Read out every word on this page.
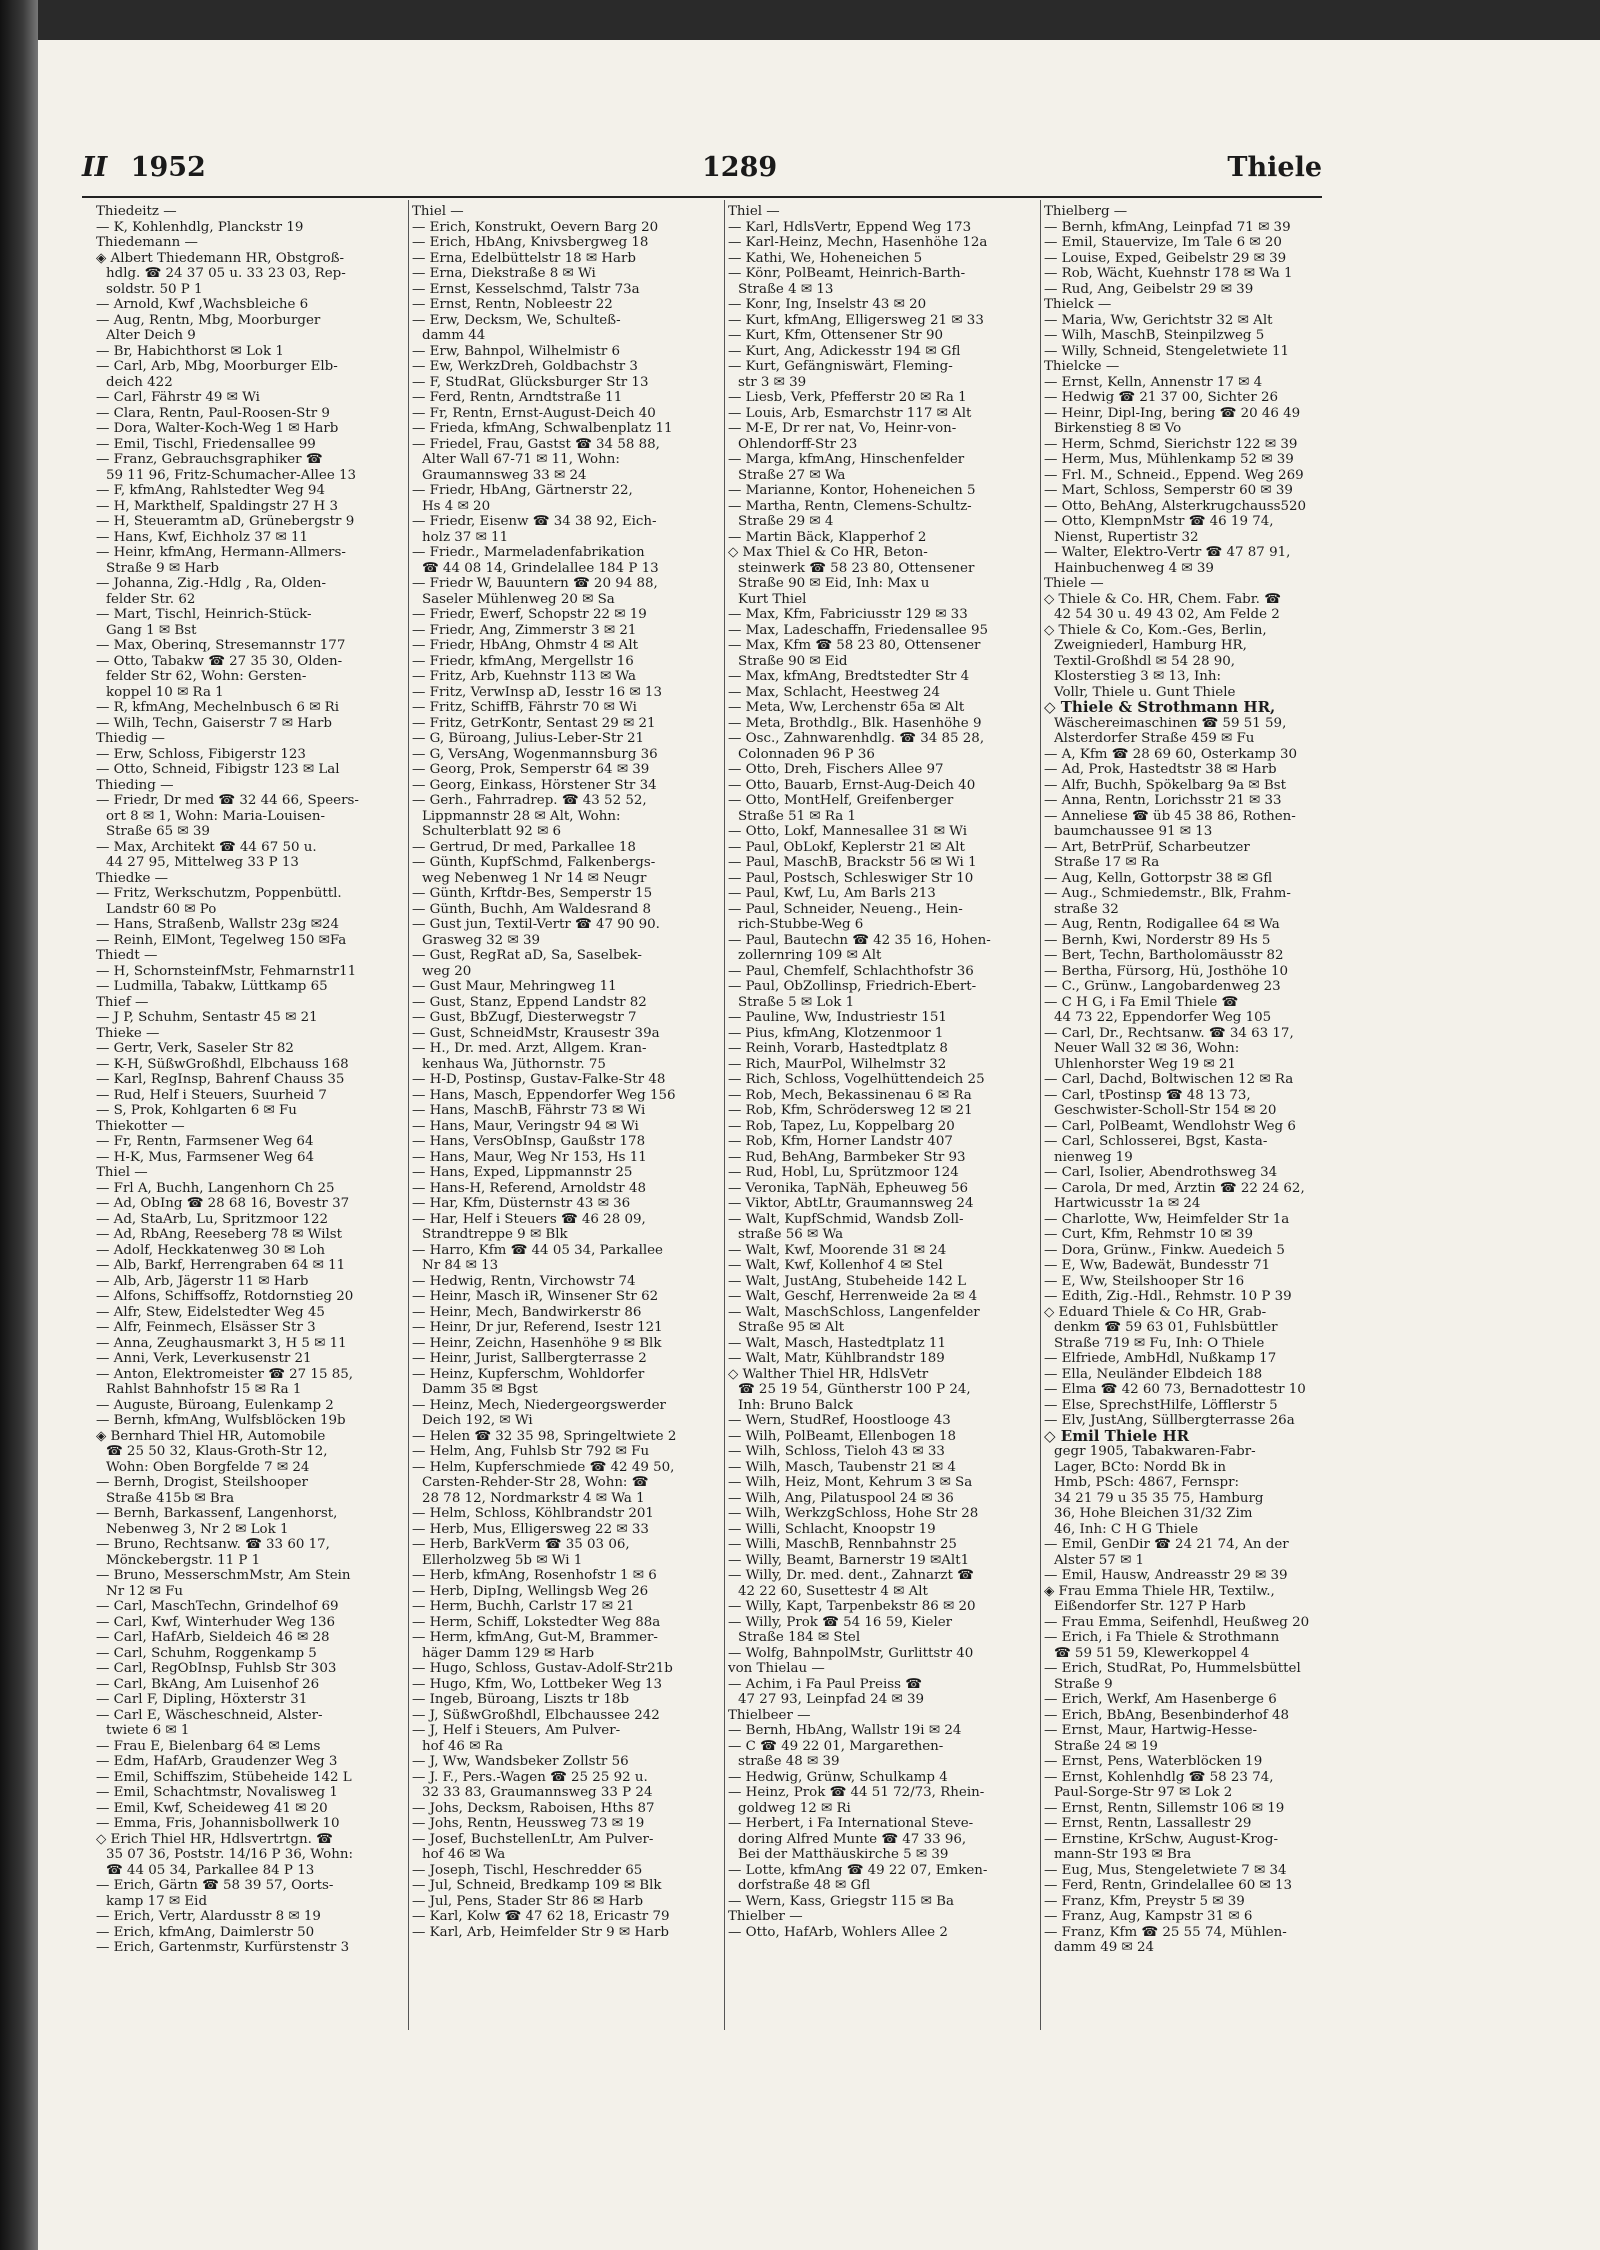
II 1952	1289	Thiele
Thiedeitz —
— K, Kohlenhdlg, Planckstr 19
Thiedemann —
◈ Albert Thiedemann HR, Obstgroß-
hdlg. ☎ 24 37 05 u. 33 23 03, Rep-
soldstr. 50 P 1
— Arnold, Kwf ,Wachsbleiche 6
— Aug, Rentn, Mbg, Moorburger
Alter Deich 9
— Br, Habichthorst ✉ Lok 1
— Carl, Arb, Mbg, Moorburger Elb-
deich 422
— Carl, Fährstr 49 ✉ Wi
— Clara, Rentn, Paul-Roosen-Str 9
— Dora, Walter-Koch-Weg 1 ✉ Harb
— Emil, Tischl, Friedensallee 99
— Franz, Gebrauchsgraphiker ☎
59 11 96, Fritz-Schumacher-Allee 13
— F, kfmAng, Rahlstedter Weg 94
— H, Markthelf, Spaldingstr 27 H 3
— H, Steueramtm aD, Grünebergstr 9
— Hans, Kwf, Eichholz 37 ✉ 11
— Heinr, kfmAng, Hermann-Allmers-
Straße 9 ✉ Harb
— Johanna, Zig.-Hdlg , Ra, Olden-
felder Str. 62
— Mart, Tischl, Heinrich-Stück-
Gang 1 ✉ Bst
— Max, Oberinq, Stresemannstr 177
— Otto, Tabakw ☎ 27 35 30, Olden-
felder Str 62, Wohn: Gersten-
koppel 10 ✉ Ra 1
— R, kfmAng, Mechelnbusch 6 ✉ Ri
— Wilh, Techn, Gaiserstr 7 ✉ Harb
Thiedig —
— Erw, Schloss, Fibigerstr 123
— Otto, Schneid, Fibigstr 123 ✉ Lal
Thieding —
— Friedr, Dr med ☎ 32 44 66, Speers-
ort 8 ✉ 1, Wohn: Maria-Louisen-
Straße 65 ✉ 39
— Max, Architekt ☎ 44 67 50 u.
44 27 95, Mittelweg 33 P 13
Thiedke —
— Fritz, Werkschutzm, Poppenbüttl.
Landstr 60 ✉ Po
— Hans, Straßenb, Wallstr 23g ✉24
— Reinh, ElMont, Tegelweg 150 ✉Fa
Thiedt —
— H, SchornsteinfMstr, Fehmarnstr11
— Ludmilla, Tabakw, Lüttkamp 65
Thief —
— J P, Schuhm, Sentastr 45 ✉ 21
Thieke —
— Gertr, Verk, Saseler Str 82
— K-H, SüßwGroßhdl, Elbchauss 168
— Karl, RegInsp, Bahrenf Chauss 35
— Rud, Helf i Steuers, Suurheid 7
— S, Prok, Kohlgarten 6 ✉ Fu
Thiekotter —
— Fr, Rentn, Farmsener Weg 64
— H-K, Mus, Farmsener Weg 64
Thiel —
— Frl A, Buchh, Langenhorn Ch 25
— Ad, ObIng ☎ 28 68 16, Bovestr 37
— Ad, StaArb, Lu, Spritzmoor 122
— Ad, RbAng, Reeseberg 78 ✉ Wilst
— Adolf, Heckkatenweg 30 ✉ Loh
— Alb, Barkf, Herrengraben 64 ✉ 11
— Alb, Arb, Jägerstr 11 ✉ Harb
— Alfons, Schiffsoffz, Rotdornstieg 20
— Alfr, Stew, Eidelstedter Weg 45
— Alfr, Feinmech, Elsässer Str 3
— Anna, Zeughausmarkt 3, H 5 ✉ 11
— Anni, Verk, Leverkusenstr 21
— Anton, Elektromeister ☎ 27 15 85,
Rahlst Bahnhofstr 15 ✉ Ra 1
— Auguste, Büroang, Eulenkamp 2
— Bernh, kfmAng, Wulfsblöcken 19b
◈ Bernhard Thiel HR, Automobile
☎ 25 50 32, Klaus-Groth-Str 12,
Wohn: Oben Borgfelde 7 ✉ 24
— Bernh, Drogist, Steilshooper
Straße 415b ✉ Bra
— Bernh, Barkassenf, Langenhorst,
Nebenweg 3, Nr 2 ✉ Lok 1
— Bruno, Rechtsanw. ☎ 33 60 17,
Mönckebergstr. 11 P 1
— Bruno, MesserschmMstr, Am Stein
Nr 12 ✉ Fu
— Carl, MaschTechn, Grindelhof 69
— Carl, Kwf, Winterhuder Weg 136
— Carl, HafArb, Sieldeich 46 ✉ 28
— Carl, Schuhm, Roggenkamp 5
— Carl, RegObInsp, Fuhlsb Str 303
— Carl, BkAng, Am Luisenhof 26
— Carl F, Dipling, Höxterstr 31
— Carl E, Wäscheschneid, Alster-
twiete 6 ✉ 1
— Frau E, Bielenbarg 64 ✉ Lems
— Edm, HafArb, Graudenzer Weg 3
— Emil, Schiffszim, Stübeheide 142 L
— Emil, Schachtmstr, Novalisweg 1
— Emil, Kwf, Scheideweg 41 ✉ 20
— Emma, Fris, Johannisbollwerk 10
◇ Erich Thiel HR, Hdlsvertrtgn. ☎
35 07 36, Poststr. 14/16 P 36, Wohn:
☎ 44 05 34, Parkallee 84 P 13
— Erich, Gärtn ☎ 58 39 57, Oorts-
kamp 17 ✉ Eid
— Erich, Vertr, Alardusstr 8 ✉ 19
— Erich, kfmAng, Daimlerstr 50
— Erich, Gartenmstr, Kurfürstenstr 3
Thiel —
— Erich, Konstrukt, Oevern Barg 20
— Erich, HbAng, Knivsbergweg 18
— Erna, Edelbüttelstr 18 ✉ Harb
— Erna, Diekstraße 8 ✉ Wi
— Ernst, Kesselschmd, Talstr 73a
— Ernst, Rentn, Nobleestr 22
— Erw, Decksm, We, Schulteß-
damm 44
— Erw, Bahnpol, Wilhelmistr 6
— Ew, WerkzDreh, Goldbachstr 3
— F, StudRat, Glücksburger Str 13
— Ferd, Rentn, Arndtstraße 11
— Fr, Rentn, Ernst-August-Deich 40
— Frieda, kfmAng, Schwalbenplatz 11
— Friedel, Frau, Gastst ☎ 34 58 88,
Alter Wall 67-71 ✉ 11, Wohn:
Graumannsweg 33 ✉ 24
— Friedr, HbAng, Gärtnerstr 22,
Hs 4 ✉ 20
— Friedr, Eisenw ☎ 34 38 92, Eich-
holz 37 ✉ 11
— Friedr., Marmeladenfabrikation
☎ 44 08 14, Grindelallee 184 P 13
— Friedr W, Bauuntern ☎ 20 94 88,
Saseler Mühlenweg 20 ✉ Sa
— Friedr, Ewerf, Schopstr 22 ✉ 19
— Friedr, Ang, Zimmerstr 3 ✉ 21
— Friedr, HbAng, Ohmstr 4 ✉ Alt
— Friedr, kfmAng, Mergellstr 16
— Fritz, Arb, Kuehnstr 113 ✉ Wa
— Fritz, VerwInsp aD, Iesstr 16 ✉ 13
— Fritz, SchiffB, Fährstr 70 ✉ Wi
— Fritz, GetrKontr, Sentast 29 ✉ 21
— G, Büroang, Julius-Leber-Str 21
— G, VersAng, Wogenmannsburg 36
— Georg, Prok, Semperstr 64 ✉ 39
— Georg, Einkass, Hörstener Str 34
— Gerh., Fahrradrep. ☎ 43 52 52,
Lippmannstr 28 ✉ Alt, Wohn:
Schulterblatt 92 ✉ 6
— Gertrud, Dr med, Parkallee 18
— Günth, KupfSchmd, Falkenbergs-
weg Nebenweg 1 Nr 14 ✉ Neugr
— Günth, Krftdr-Bes, Semperstr 15
— Günth, Buchh, Am Waldesrand 8
— Gust jun, Textil-Vertr ☎ 47 90 90.
Grasweg 32 ✉ 39
— Gust, RegRat aD, Sa, Saselbek-
weg 20
— Gust Maur, Mehringweg 11
— Gust, Stanz, Eppend Landstr 82
— Gust, BbZugf, Diesterwegstr 7
— Gust, SchneidMstr, Krausestr 39a
— H., Dr. med. Arzt, Allgem. Kran-
kenhaus Wa, Jüthornstr. 75
— H-D, Postinsp, Gustav-Falke-Str 48
— Hans, Masch, Eppendorfer Weg 156
— Hans, MaschB, Fährstr 73 ✉ Wi
— Hans, Maur, Veringstr 94 ✉ Wi
— Hans, VersObInsp, Gaußstr 178
— Hans, Maur, Weg Nr 153, Hs 11
— Hans, Exped, Lippmannstr 25
— Hans-H, Referend, Arnoldstr 48
— Har, Kfm, Düsternstr 43 ✉ 36
— Har, Helf i Steuers ☎ 46 28 09,
Strandtreppe 9 ✉ Blk
— Harro, Kfm ☎ 44 05 34, Parkallee
Nr 84 ✉ 13
— Hedwig, Rentn, Virchowstr 74
— Heinr, Masch iR, Winsener Str 62
— Heinr, Mech, Bandwirkerstr 86
— Heinr, Dr jur, Referend, Isestr 121
— Heinr, Zeichn, Hasenhöhe 9 ✉ Blk
— Heinr, Jurist, Sallbergterrasse 2
— Heinz, Kupferschm, Wohldorfer
Damm 35 ✉ Bgst
— Heinz, Mech, Niedergeorgswerder
Deich 192, ✉ Wi
— Helen ☎ 32 35 98, Springeltwiete 2
— Helm, Ang, Fuhlsb Str 792 ✉ Fu
— Helm, Kupferschmiede ☎ 42 49 50,
Carsten-Rehder-Str 28, Wohn: ☎
28 78 12, Nordmarkstr 4 ✉ Wa 1
— Helm, Schloss, Köhlbrandstr 201
— Herb, Mus, Elligersweg 22 ✉ 33
— Herb, BarkVerm ☎ 35 03 06,
Ellerholzweg 5b ✉ Wi 1
— Herb, kfmAng, Rosenhofstr 1 ✉ 6
— Herb, DipIng, Wellingsb Weg 26
— Herm, Buchh, Carlstr 17 ✉ 21
— Herm, Schiff, Lokstedter Weg 88a
— Herm, kfmAng, Gut-M, Brammer-
häger Damm 129 ✉ Harb
— Hugo, Schloss, Gustav-Adolf-Str21b
— Hugo, Kfm, Wo, Lottbeker Weg 13
— Ingeb, Büroang, Liszts tr 18b
— J, SüßwGroßhdl, Elbchaussee 242
— J, Helf i Steuers, Am Pulver-
hof 46 ✉ Ra
— J, Ww, Wandsbeker Zollstr 56
— J. F., Pers.-Wagen ☎ 25 25 92 u.
32 33 83, Graumannsweg 33 P 24
— Johs, Decksm, Raboisen, Hths 87
— Johs, Rentn, Heussweg 73 ✉ 19
— Josef, BuchstellenLtr, Am Pulver-
hof 46 ✉ Wa
— Joseph, Tischl, Heschredder 65
— Jul, Schneid, Bredkamp 109 ✉ Blk
— Jul, Pens, Stader Str 86 ✉ Harb
— Karl, Kolw ☎ 47 62 18, Ericastr 79
— Karl, Arb, Heimfelder Str 9 ✉ Harb
Thiel —
— Karl, HdlsVertr, Eppend Weg 173
— Karl-Heinz, Mechn, Hasenhöhe 12a
— Kathi, We, Hoheneichen 5
— Könr, PolBeamt, Heinrich-Barth-
Straße 4 ✉ 13
— Konr, Ing, Inselstr 43 ✉ 20
— Kurt, kfmAng, Elligersweg 21 ✉ 33
— Kurt, Kfm, Ottensener Str 90
— Kurt, Ang, Adickesstr 194 ✉ Gfl
— Kurt, Gefängniswärt, Fleming-
str 3 ✉ 39
— Liesb, Verk, Pfefferstr 20 ✉ Ra 1
— Louis, Arb, Esmarchstr 117 ✉ Alt
— M-E, Dr rer nat, Vo, Heinr-von-
Ohlendorff-Str 23
— Marga, kfmAng, Hinschenfelder
Straße 27 ✉ Wa
— Marianne, Kontor, Hoheneichen 5
— Martha, Rentn, Clemens-Schultz-
Straße 29 ✉ 4
— Martin Bäck, Klapperhof 2
◇ Max Thiel & Co HR, Beton-
steinwerk ☎ 58 23 80, Ottensener
Straße 90 ✉ Eid, Inh: Max u
Kurt Thiel
— Max, Kfm, Fabriciusstr 129 ✉ 33
— Max, Ladeschaffn, Friedensallee 95
— Max, Kfm ☎ 58 23 80, Ottensener
Straße 90 ✉ Eid
— Max, kfmAng, Bredtstedter Str 4
— Max, Schlacht, Heestweg 24
— Meta, Ww, Lerchenstr 65a ✉ Alt
— Meta, Brothdlg., Blk. Hasenhöhe 9
— Osc., Zahnwarenhdlg. ☎ 34 85 28,
Colonnaden 96 P 36
— Otto, Dreh, Fischers Allee 97
— Otto, Bauarb, Ernst-Aug-Deich 40
— Otto, MontHelf, Greifenberger
Straße 51 ✉ Ra 1
— Otto, Lokf, Mannesallee 31 ✉ Wi
— Paul, ObLokf, Keplerstr 21 ✉ Alt
— Paul, MaschB, Brackstr 56 ✉ Wi 1
— Paul, Postsch, Schleswiger Str 10
— Paul, Kwf, Lu, Am Barls 213
— Paul, Schneider, Neueng., Hein-
rich-Stubbe-Weg 6
— Paul, Bautechn ☎ 42 35 16, Hohen-
zollernring 109 ✉ Alt
— Paul, Chemfelf, Schlachthofstr 36
— Paul, ObZollinsp, Friedrich-Ebert-
Straße 5 ✉ Lok 1
— Pauline, Ww, Industriestr 151
— Pius, kfmAng, Klotzenmoor 1
— Reinh, Vorarb, Hastedtplatz 8
— Rich, MaurPol, Wilhelmstr 32
— Rich, Schloss, Vogelhüttendeich 25
— Rob, Mech, Bekassinenau 6 ✉ Ra
— Rob, Kfm, Schrödersweg 12 ✉ 21
— Rob, Tapez, Lu, Koppelbarg 20
— Rob, Kfm, Horner Landstr 407
— Rud, BehAng, Barmbeker Str 93
— Rud, Hobl, Lu, Sprützmoor 124
— Veronika, TapNäh, Epheuweg 56
— Viktor, AbtLtr, Graumannsweg 24
— Walt, KupfSchmid, Wandsb Zoll-
straße 56 ✉ Wa
— Walt, Kwf, Moorende 31 ✉ 24
— Walt, Kwf, Kollenhof 4 ✉ Stel
— Walt, JustAng, Stubeheide 142 L
— Walt, Geschf, Herrenweide 2a ✉ 4
— Walt, MaschSchloss, Langenfelder
Straße 95 ✉ Alt
— Walt, Masch, Hastedtplatz 11
— Walt, Matr, Kühlbrandstr 189
◇ Walther Thiel HR, HdlsVetr
☎ 25 19 54, Güntherstr 100 P 24,
Inh: Bruno Balck
— Wern, StudRef, Hoostlooge 43
— Wilh, PolBeamt, Ellenbogen 18
— Wilh, Schloss, Tieloh 43 ✉ 33
— Wilh, Masch, Taubenstr 21 ✉ 4
— Wilh, Heiz, Mont, Kehrum 3 ✉ Sa
— Wilh, Ang, Pilatuspool 24 ✉ 36
— Wilh, WerkzgSchloss, Hohe Str 28
— Willi, Schlacht, Knoopstr 19
— Willi, MaschB, Rennbahnstr 25
— Willy, Beamt, Barnerstr 19 ✉Alt1
— Willy, Dr. med. dent., Zahnarzt ☎
42 22 60, Susettestr 4 ✉ Alt
— Willy, Kapt, Tarpenbekstr 86 ✉ 20
— Willy, Prok ☎ 54 16 59, Kieler
Straße 184 ✉ Stel
— Wolfg, BahnpolMstr, Gurlittstr 40
von Thielau —
— Achim, i Fa Paul Preiss ☎
47 27 93, Leinpfad 24 ✉ 39
Thielbeer —
— Bernh, HbAng, Wallstr 19i ✉ 24
— C ☎ 49 22 01, Margarethen-
straße 48 ✉ 39
— Hedwig, Grünw, Schulkamp 4
— Heinz, Prok ☎ 44 51 72/73, Rhein-
goldweg 12 ✉ Ri
— Herbert, i Fa International Steve-
doring Alfred Munte ☎ 47 33 96,
Bei der Matthäuskirche 5 ✉ 39
— Lotte, kfmAng ☎ 49 22 07, Emken-
dorfstraße 48 ✉ Gfl
— Wern, Kass, Griegstr 115 ✉ Ba
Thielber —
— Otto, HafArb, Wohlers Allee 2
Thielberg —
— Bernh, kfmAng, Leinpfad 71 ✉ 39
— Emil, Stauervize, Im Tale 6 ✉ 20
— Louise, Exped, Geibelstr 29 ✉ 39
— Rob, Wächt, Kuehnstr 178 ✉ Wa 1
— Rud, Ang, Geibelstr 29 ✉ 39
Thielck —
— Maria, Ww, Gerichtstr 32 ✉ Alt
— Wilh, MaschB, Steinpilzweg 5
— Willy, Schneid, Stengeletwiete 11
Thielcke —
— Ernst, Kelln, Annenstr 17 ✉ 4
— Hedwig ☎ 21 37 00, Sichter 26
— Heinr, Dipl-Ing, bering ☎ 20 46 49
Birkenstieg 8 ✉ Vo
— Herm, Schmd, Sierichstr 122 ✉ 39
— Herm, Mus, Mühlenkamp 52 ✉ 39
— Frl. M., Schneid., Eppend. Weg 269
— Mart, Schloss, Semperstr 60 ✉ 39
— Otto, BehAng, Alsterkrugchauss520
— Otto, KlempnMstr ☎ 46 19 74,
Nienst, Rupertistr 32
— Walter, Elektro-Vertr ☎ 47 87 91,
Hainbuchenweg 4 ✉ 39
Thiele —
◇ Thiele & Co. HR, Chem. Fabr. ☎
42 54 30 u. 49 43 02, Am Felde 2
◇ Thiele & Co, Kom.-Ges, Berlin,
Zweigniederl, Hamburg HR,
Textil-Großhdl ✉ 54 28 90,
Klosterstieg 3 ✉ 13, Inh:
Vollr, Thiele u. Gunt Thiele
◇ Thiele & Strothmann HR,
Wäschereimaschinen ☎ 59 51 59,
Alsterdorfer Straße 459 ✉ Fu
— A, Kfm ☎ 28 69 60, Osterkamp 30
— Ad, Prok, Hastedtstr 38 ✉ Harb
— Alfr, Buchh, Spökelbarg 9a ✉ Bst
— Anna, Rentn, Lorichsstr 21 ✉ 33
— Anneliese ☎ üb 45 38 86, Rothen-
baumchaussee 91 ✉ 13
— Art, BetrPrüf, Scharbeutzer
Straße 17 ✉ Ra
— Aug, Kelln, Gottorpstr 38 ✉ Gfl
— Aug., Schmiedemstr., Blk, Frahm-
straße 32
— Aug, Rentn, Rodigallee 64 ✉ Wa
— Bernh, Kwi, Norderstr 89 Hs 5
— Bert, Techn, Bartholomäusstr 82
— Bertha, Fürsorg, Hü, Josthöhe 10
— C., Grünw., Langobardenweg 23
— C H G, i Fa Emil Thiele ☎
44 73 22, Eppendorfer Weg 105
— Carl, Dr., Rechtsanw. ☎ 34 63 17,
Neuer Wall 32 ✉ 36, Wohn:
Uhlenhorster Weg 19 ✉ 21
— Carl, Dachd, Boltwischen 12 ✉ Ra
— Carl, tPostinsp ☎ 48 13 73,
Geschwister-Scholl-Str 154 ✉ 20
— Carl, PolBeamt, Wendlohstr Weg 6
— Carl, Schlosserei, Bgst, Kasta-
nienweg 19
— Carl, Isolier, Abendrothsweg 34
— Carola, Dr med, Ärztin ☎ 22 24 62,
Hartwicusstr 1a ✉ 24
— Charlotte, Ww, Heimfelder Str 1a
— Curt, Kfm, Rehmstr 10 ✉ 39
— Dora, Grünw., Finkw. Auedeich 5
— E, Ww, Badewät, Bundesstr 71
— E, Ww, Steilshooper Str 16
— Edith, Zig.-Hdl., Rehmstr. 10 P 39
◇ Eduard Thiele & Co HR, Grab-
denkm ☎ 59 63 01, Fuhlsbüttler
Straße 719 ✉ Fu, Inh: O Thiele
— Elfriede, AmbHdl, Nußkamp 17
— Ella, Neuländer Elbdeich 188
— Elma ☎ 42 60 73, Bernadottestr 10
— Else, SprechstHilfe, Löfflerstr 5
— Elv, JustAng, Süllbergterrasse 26a
◇ Emil Thiele HR
gegr 1905, Tabakwaren-Fabr-
Lager, BCto: Nordd Bk in
Hmb, PSch: 4867, Fernspr:
34 21 79 u 35 35 75, Hamburg
36, Hohe Bleichen 31/32 Zim
46, Inh: C H G Thiele
— Emil, GenDir ☎ 24 21 74, An der
Alster 57 ✉ 1
— Emil, Hausw, Andreasstr 29 ✉ 39
◈ Frau Emma Thiele HR, Textilw.,
Eißendorfer Str. 127 P Harb
— Frau Emma, Seifenhdl, Heußweg 20
— Erich, i Fa Thiele & Strothmann
☎ 59 51 59, Klewerkoppel 4
— Erich, StudRat, Po, Hummelsbüttel
Straße 9
— Erich, Werkf, Am Hasenberge 6
— Erich, BbAng, Besenbinderhof 48
— Ernst, Maur, Hartwig-Hesse-
Straße 24 ✉ 19
— Ernst, Pens, Waterblöcken 19
— Ernst, Kohlenhdlg ☎ 58 23 74,
Paul-Sorge-Str 97 ✉ Lok 2
— Ernst, Rentn, Sillemstr 106 ✉ 19
— Ernst, Rentn, Lassallestr 29
— Ernstine, KrSchw, August-Krog-
mann-Str 193 ✉ Bra
— Eug, Mus, Stengeletwiete 7 ✉ 34
— Ferd, Rentn, Grindelallee 60 ✉ 13
— Franz, Kfm, Preystr 5 ✉ 39
— Franz, Aug, Kampstr 31 ✉ 6
— Franz, Kfm ☎ 25 55 74, Mühlen-
damm 49 ✉ 24
